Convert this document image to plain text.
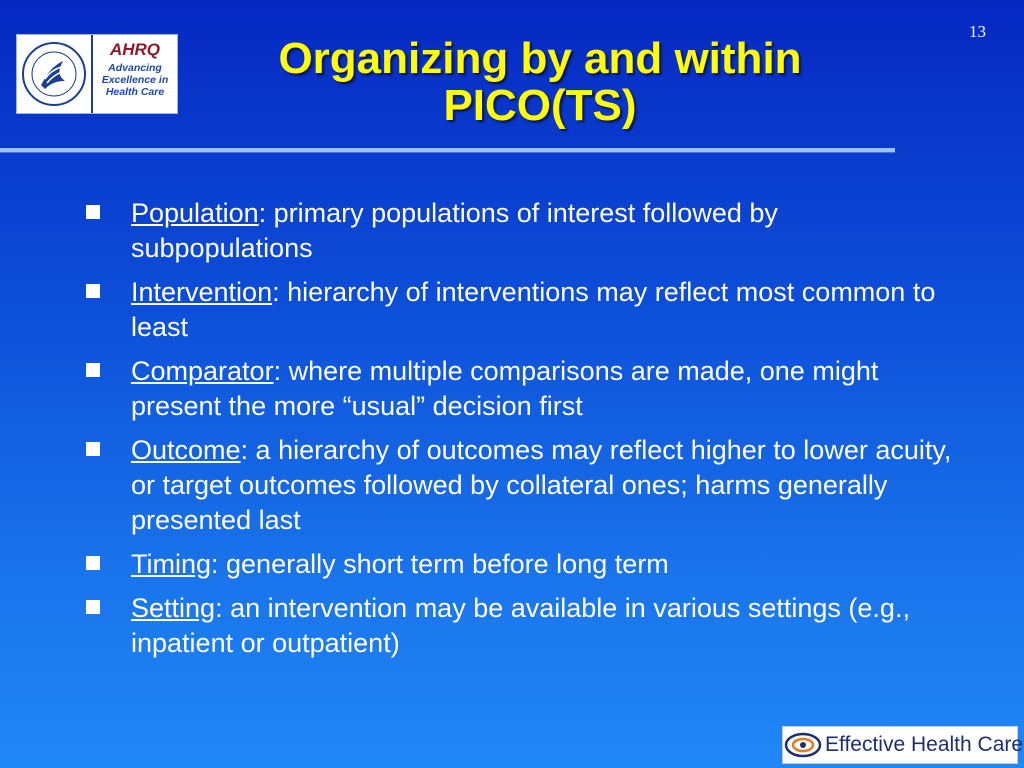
13
AHRQ
Advancing
Excellence in
Health Care
Organizing by and within
PICO(TS)
Population: primary populations of interest followed by subpopulations
Intervention: hierarchy of interventions may reflect most common to least
Comparator: where multiple comparisons are made, one might present the more “usual” decision first
Outcome: a hierarchy of outcomes may reflect higher to lower acuity, or target outcomes followed by collateral ones; harms generally presented last
Timing: generally short term before long term
Setting: an intervention may be available in various settings (e.g., inpatient or outpatient)
Effective Health Care
